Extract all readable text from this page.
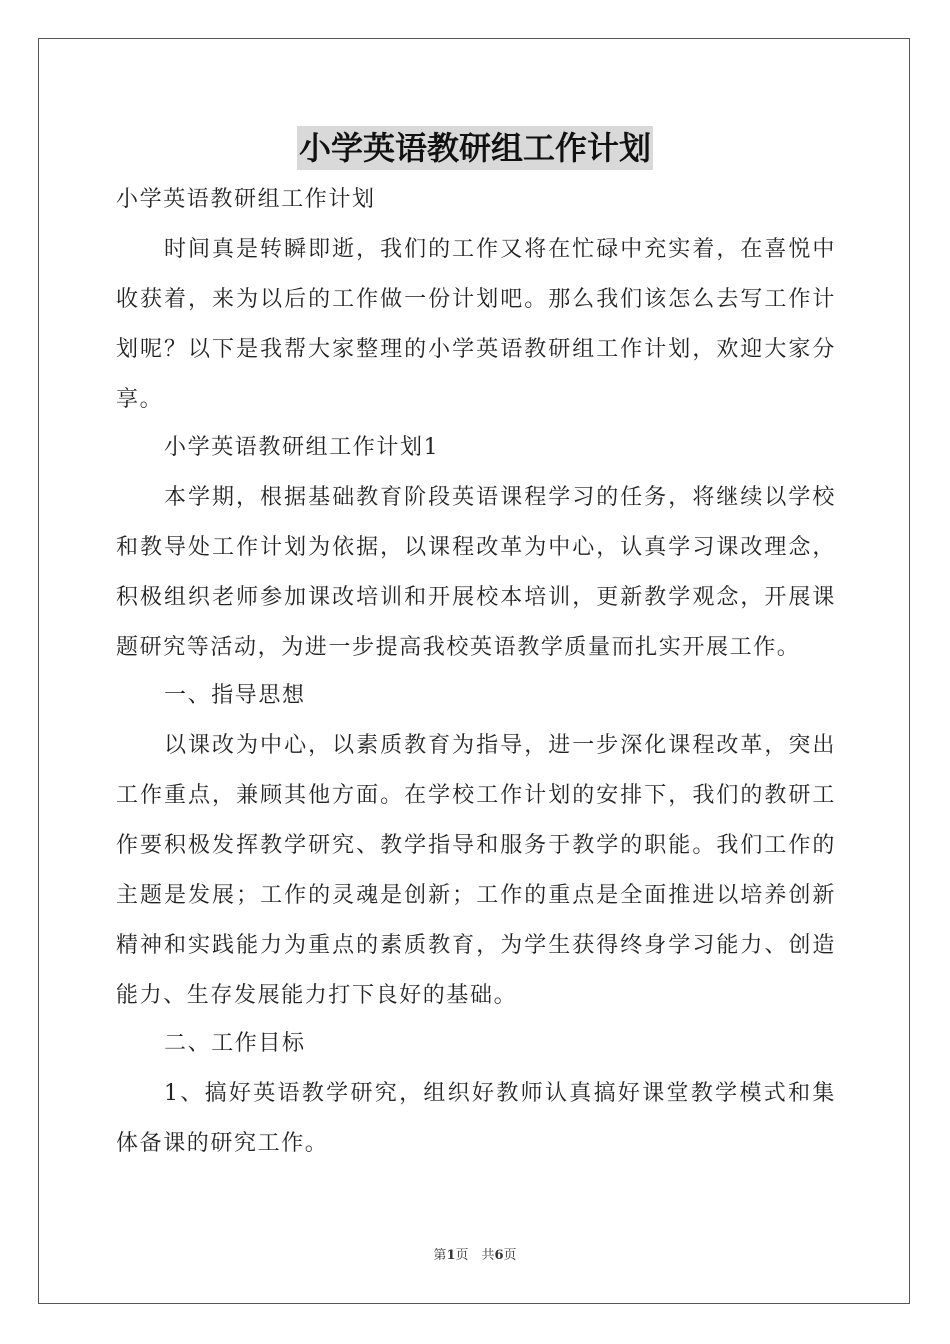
小学英语教研组工作计划

小学英语教研组工作计划

时间真是转瞬即逝，我们的工作又将在忙碌中充实着，在喜悦中收获着，来为以后的工作做一份计划吧。那么我们该怎么去写工作计划呢？以下是我帮大家整理的小学英语教研组工作计划，欢迎大家分享。

小学英语教研组工作计划1

本学期，根据基础教育阶段英语课程学习的任务，将继续以学校和教导处工作计划为依据，以课程改革为中心，认真学习课改理念，积极组织老师参加课改培训和开展校本培训，更新教学观念，开展课题研究等活动，为进一步提高我校英语教学质量而扎实开展工作。

一、指导思想

以课改为中心，以素质教育为指导，进一步深化课程改革，突出工作重点，兼顾其他方面。在学校工作计划的安排下，我们的教研工作要积极发挥教学研究、教学指导和服务于教学的职能。我们工作的主题是发展；工作的灵魂是创新；工作的重点是全面推进以培养创新精神和实践能力为重点的素质教育，为学生获得终身学习能力、创造能力、生存发展能力打下良好的基础。

二、工作目标

1、搞好英语教学研究，组织好教师认真搞好课堂教学模式和集体备课的研究工作。

第1页　共6页
